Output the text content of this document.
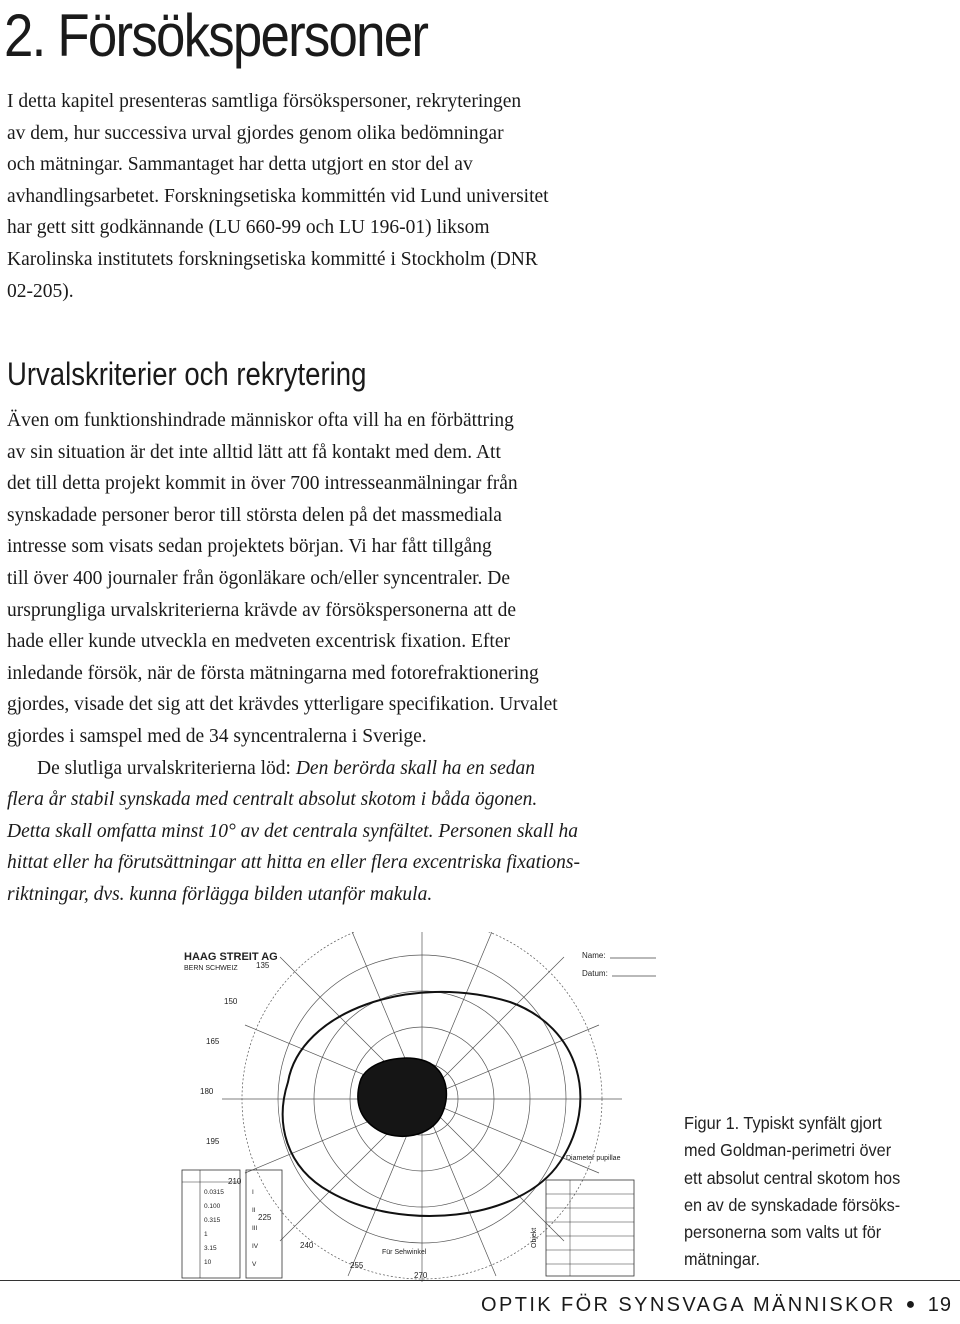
2. Försökspersoner

I detta kapitel presenteras samtliga försökspersoner, rekryteringen
av dem, hur successiva urval gjordes genom olika bedömningar
och mätningar. Sammantaget har detta utgjort en stor del av
avhandlingsarbetet. Forskningsetiska kommittén vid Lund universitet
har gett sitt godkännande (LU 660-99 och LU 196-01) liksom
Karolinska institutets forskningsetiska kommitté i Stockholm (DNR
02-205).

Urvalskriterier och rekrytering
Även om funktionshindrade människor ofta vill ha en förbättring
av sin situation är det inte alltid lätt att få kontakt med dem. Att
det till detta projekt kommit in över 700 intresseanmälningar från
synskadade personer beror till största delen på det massmediala
intresse som visats sedan projektets början. Vi har fått tillgång
till över 400 journaler från ögonläkare och/eller syncentraler. De
ursprungliga urvalskriterierna krävde av försökspersonerna att de
hade eller kunde utveckla en medveten excentrisk fixation. Efter
inledande försök, när de första mätningarna med fotorefraktionering
gjordes, visade det sig att det krävdes ytterligare specifikation. Urvalet
gjordes i samspel med de 34 syncentralerna i Sverige.
De slutliga urvalskriterierna löd: Den berörda skall ha en sedan
flera år stabil synskada med centralt absolut skotom i båda ögonen.
Detta skall omfatta minst 10° av det centrala synfältet. Personen skall ha
hittat eller ha förutsättningar att hitta en eller flera excentriska fixations-
riktningar, dvs. kunna förlägga bilden utanför makula.
HAAG STREIT AG
BERN SCHWEIZ
Name:
Datum:
Diameter pupillae
135
150
165
180
195
210
225
240
255
270
0.0315
0.100
0.315
1
3.15
10
I
II
III
IV
V
Für Sehwinkel
Objekt
Figur 1. Typiskt synfält gjort
med Goldman-perimetri över
ett absolut central skotom hos
en av de synskadade försöks-
personerna som valts ut för
mätningar.
OPTIK FÖR SYNSVAGA MÄNNISKOR ● 19
